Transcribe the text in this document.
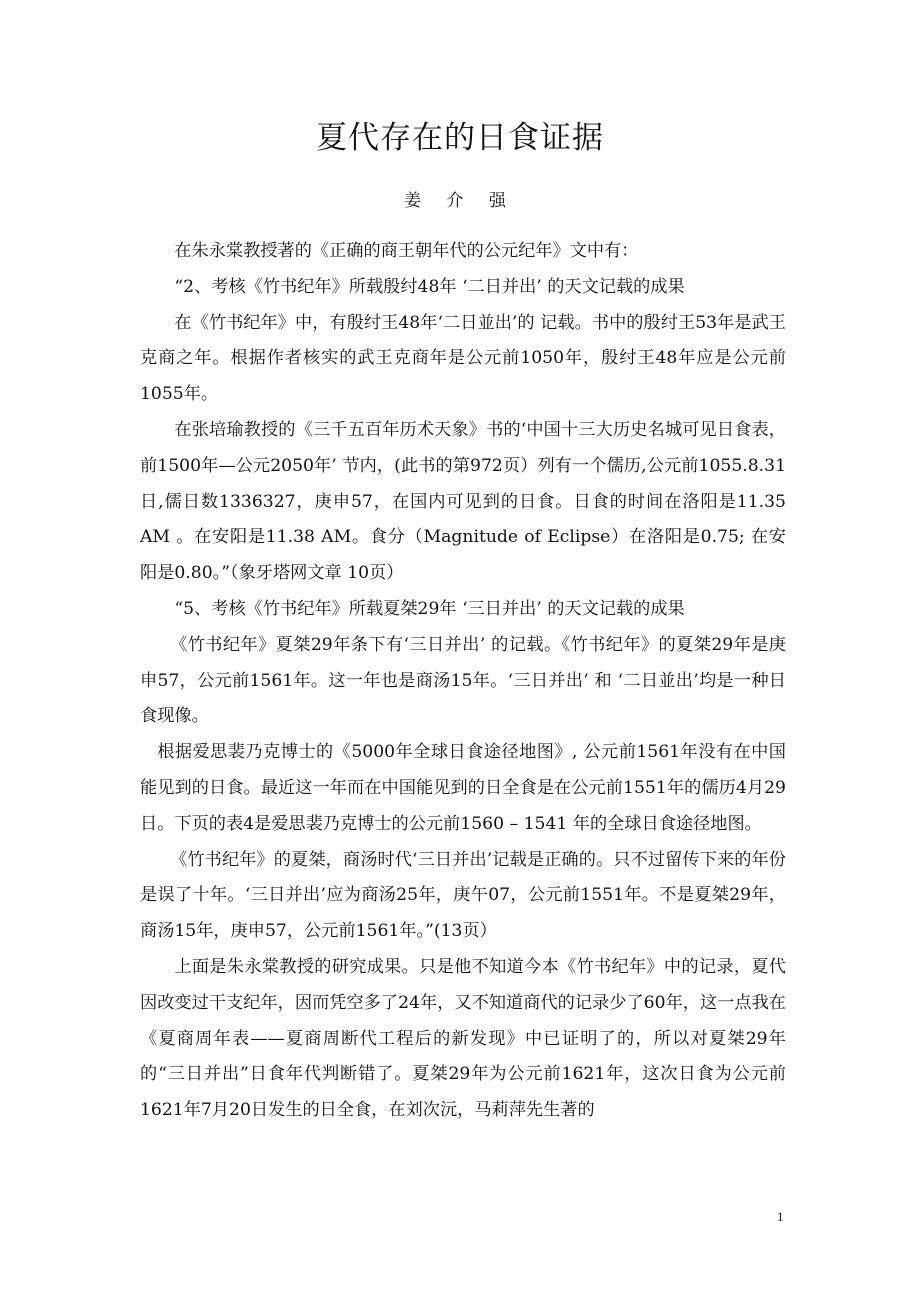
夏代存在的日食证据
姜 介 强

在朱永棠教授著的《正确的商王朝年代的公元纪年》文中有：

“2、考核《竹书纪年》所载殷纣48年 ‘二日并出’ 的天文记载的成果

在《竹书纪年》中，有殷纣王48年‘二日並出’的 记载。书中的殷纣王53年是武王克商之年。根据作者核实的武王克商年是公元前1050年，殷纣王48年应是公元前1055年。

在张培瑜教授的《三千五百年历术天象》书的‘中国十三大历史名城可见日食表，前1500年—公元2050年’ 节内，(此书的第972页）列有一个儒历,公元前1055.8.31日,儒日数1336327，庚申57，在国内可见到的日食。日食的时间在洛阳是11.35 AM 。在安阳是11.38 AM。食分（Magnitude of Eclipse）在洛阳是0.75; 在安阳是0.80。”（象牙塔网文章 10页）

“5、考核《竹书纪年》所载夏桀29年 ‘三日并出’ 的天文记载的成果

《竹书纪年》夏桀29年条下有‘三日并出’ 的记载。《竹书纪年》的夏桀29年是庚申57，公元前1561年。这一年也是商汤15年。‘三日并出’ 和 ‘二日並出’均是一种日食现像。

根据爱思裴乃克博士的《5000年全球日食途径地图》, 公元前1561年没有在中国能见到的日食。最近这一年而在中国能见到的日全食是在公元前1551年的儒历4月29日。下页的表4是爱思裴乃克博士的公元前1560 – 1541 年的全球日食途径地图。

《竹书纪年》的夏桀，商汤时代‘三日并出’记载是正确的。只不过留传下来的年份是误了十年。‘三日并出’应为商汤25年，庚午07，公元前1551年。不是夏桀29年，商汤15年，庚申57，公元前1561年。”(13页）

上面是朱永棠教授的研究成果。只是他不知道今本《竹书纪年》中的记录，夏代因改变过干支纪年，因而凭空多了24年，又不知道商代的记录少了60年，这一点我在《夏商周年表——夏商周断代工程后的新发现》中已证明了的，所以对夏桀29年的“三日并出”日食年代判断错了。夏桀29年为公元前1621年，这次日食为公元前1621年7月20日发生的日全食，在刘次沅，马莉萍先生著的

1
